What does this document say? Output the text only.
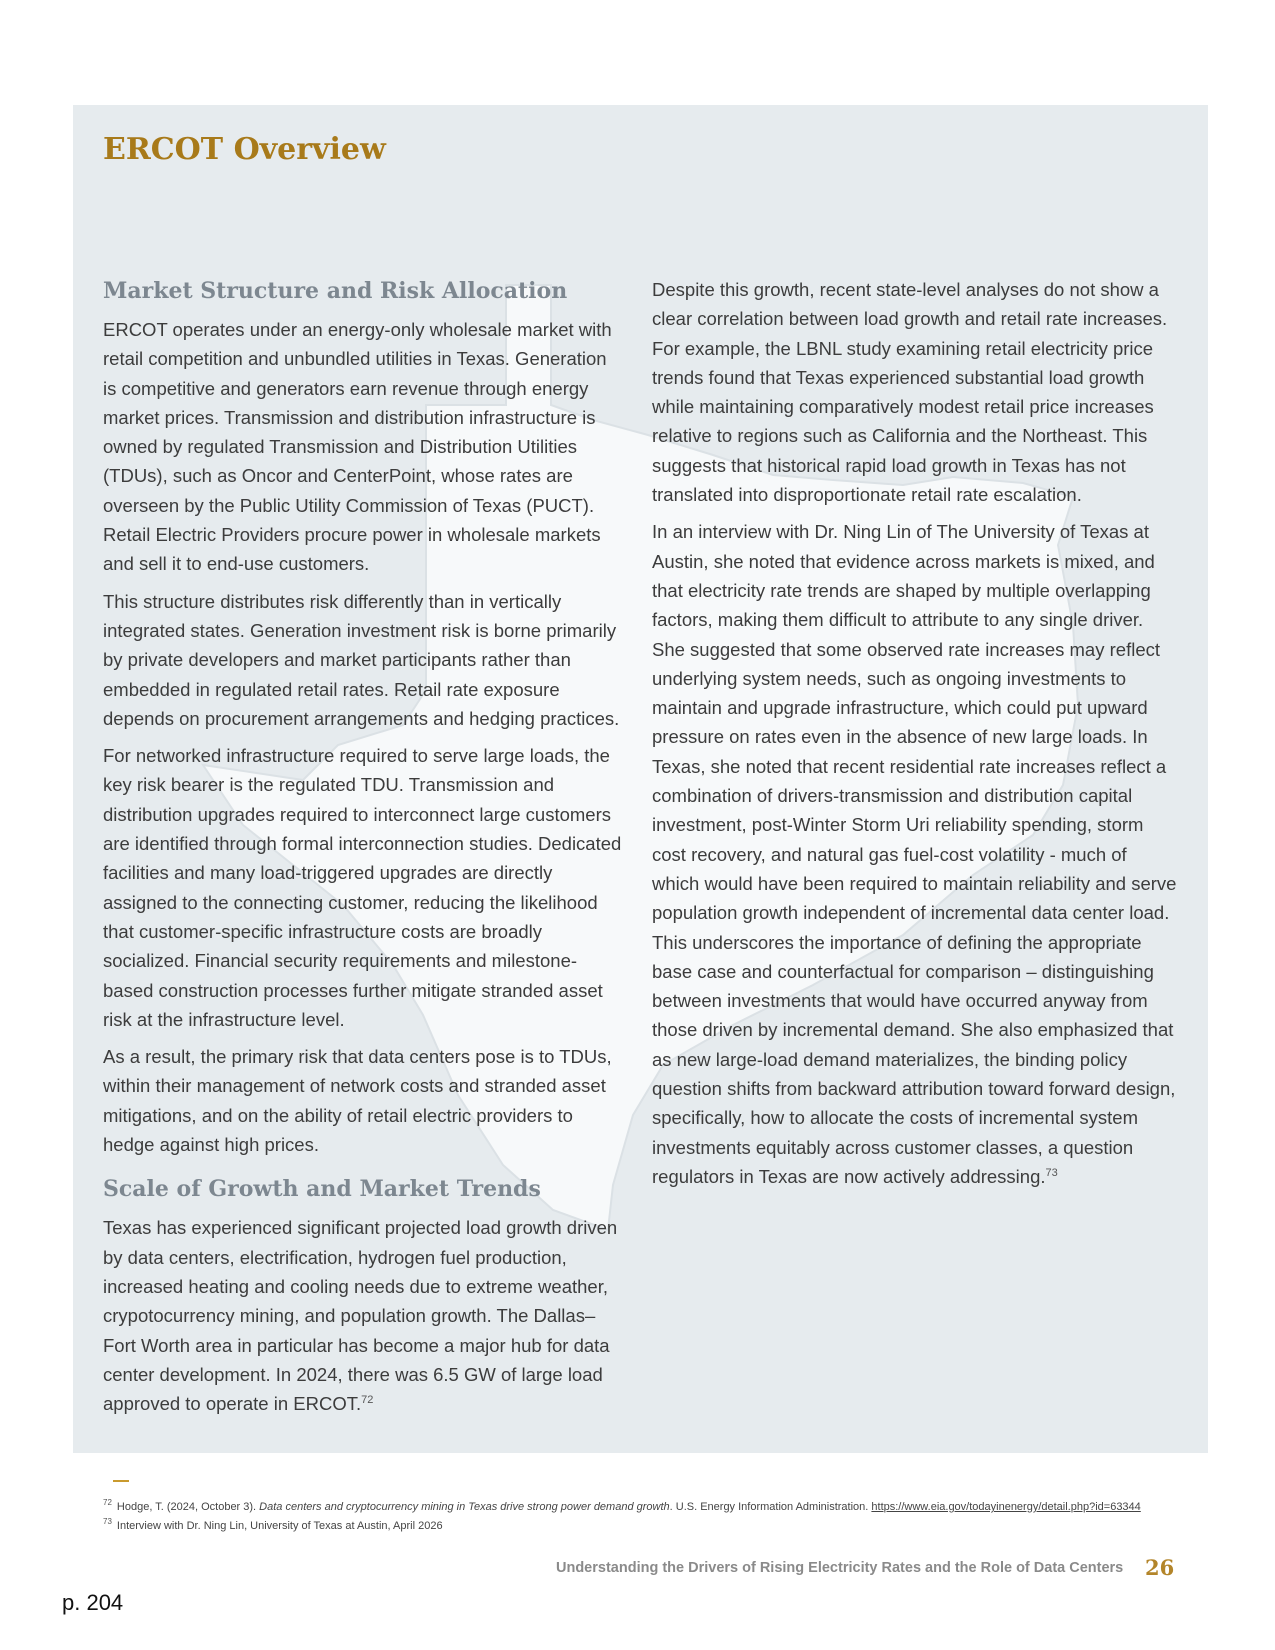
ERCOT Overview
Market Structure and Risk Allocation

ERCOT operates under an energy-only wholesale market with retail competition and unbundled utilities in Texas. Generation is competitive and generators earn revenue through energy market prices. Transmission and distribution infrastructure is owned by regulated Transmission and Distribution Utilities (TDUs), such as Oncor and CenterPoint, whose rates are overseen by the Public Utility Commission of Texas (PUCT). Retail Electric Providers procure power in wholesale markets and sell it to end-use customers.

This structure distributes risk differently than in vertically integrated states. Generation investment risk is borne primarily by private developers and market participants rather than embedded in regulated retail rates. Retail rate exposure depends on procurement arrangements and hedging practices.

For networked infrastructure required to serve large loads, the key risk bearer is the regulated TDU. Transmission and distribution upgrades required to interconnect large customers are identified through formal interconnection studies. Dedicated facilities and many load-triggered upgrades are directly assigned to the connecting customer, reducing the likelihood that customer-specific infrastructure costs are broadly socialized. Financial security requirements and milestone-based construction processes further mitigate stranded asset risk at the infrastructure level.

As a result, the primary risk that data centers pose is to TDUs, within their management of network costs and stranded asset mitigations, and on the ability of retail electric providers to hedge against high prices.

Scale of Growth and Market Trends

Texas has experienced significant projected load growth driven by data centers, electrification, hydrogen fuel production, increased heating and cooling needs due to extreme weather, crypotocurrency mining, and population growth. The Dallas–Fort Worth area in particular has become a major hub for data center development. In 2024, there was 6.5 GW of large load approved to operate in ERCOT.$^{72}$

Despite this growth, recent state-level analyses do not show a clear correlation between load growth and retail rate increases. For example, the LBNL study examining retail electricity price trends found that Texas experienced substantial load growth while maintaining comparatively modest retail price increases relative to regions such as California and the Northeast. This suggests that historical rapid load growth in Texas has not translated into disproportionate retail rate escalation.

In an interview with Dr. Ning Lin of The University of Texas at Austin, she noted that evidence across markets is mixed, and that electricity rate trends are shaped by multiple overlapping factors, making them difficult to attribute to any single driver. She suggested that some observed rate increases may reflect underlying system needs, such as ongoing investments to maintain and upgrade infrastructure, which could put upward pressure on rates even in the absence of new large loads. In Texas, she noted that recent residential rate increases reflect a combination of drivers-transmission and distribution capital investment, post-Winter Storm Uri reliability spending, storm cost recovery, and natural gas fuel-cost volatility - much of which would have been required to maintain reliability and serve population growth independent of incremental data center load. This underscores the importance of defining the appropriate base case and counterfactual for comparison – distinguishing between investments that would have occurred anyway from those driven by incremental demand. She also emphasized that as new large-load demand materializes, the binding policy question shifts from backward attribution toward forward design, specifically, how to allocate the costs of incremental system investments equitably across customer classes, a question regulators in Texas are now actively addressing.$^{73}$

$^{72}$ Hodge, T. (2024, October 3). Data centers and cryptocurrency mining in Texas drive strong power demand growth. U.S. Energy Information Administration. https://www.eia.gov/todayinenergy/detail.php?id=63344
$^{73}$ Interview with Dr. Ning Lin, University of Texas at Austin, April 2026
Understanding the Drivers of Rising Electricity Rates and the Role of Data Centers 26
p. 204
